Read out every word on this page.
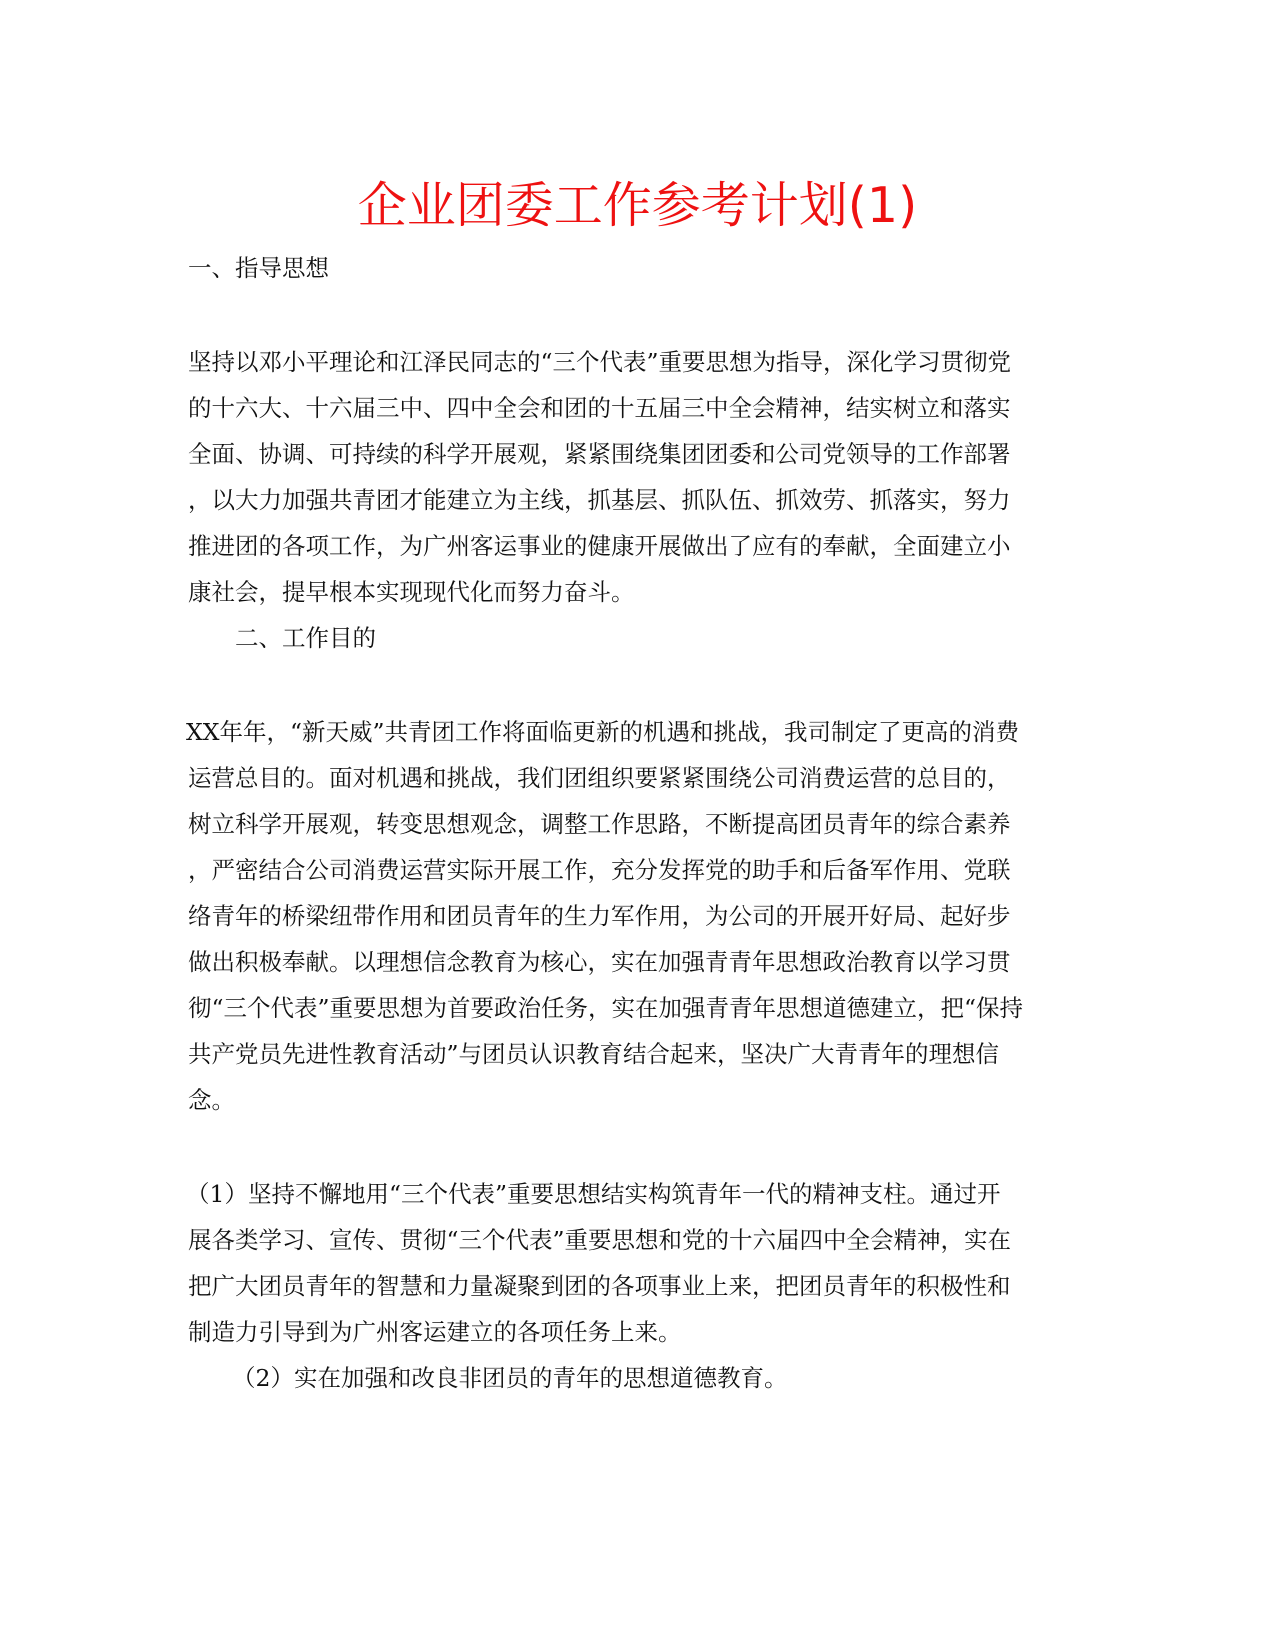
企业团委工作参考计划(1)
一、指导思想
坚持以邓小平理论和江泽民同志的“三个代表”重要思想为指导，深化学习贯彻党
的十六大、十六届三中、四中全会和团的十五届三中全会精神，结实树立和落实
全面、协调、可持续的科学开展观，紧紧围绕集团团委和公司党领导的工作部署
，以大力加强共青团才能建立为主线，抓基层、抓队伍、抓效劳、抓落实，努力
推进团的各项工作，为广州客运事业的健康开展做出了应有的奉献，全面建立小
康社会，提早根本实现现代化而努力奋斗。
二、工作目的
XX年年，“新天威”共青团工作将面临更新的机遇和挑战，我司制定了更高的消费
运营总目的。面对机遇和挑战，我们团组织要紧紧围绕公司消费运营的总目的，
树立科学开展观，转变思想观念，调整工作思路，不断提高团员青年的综合素养
，严密结合公司消费运营实际开展工作，充分发挥党的助手和后备军作用、党联
络青年的桥梁纽带作用和团员青年的生力军作用，为公司的开展开好局、起好步
做出积极奉献。以理想信念教育为核心，实在加强青青年思想政治教育以学习贯
彻“三个代表”重要思想为首要政治任务，实在加强青青年思想道德建立，把“保持
共产党员先进性教育活动”与团员认识教育结合起来，坚决广大青青年的理想信
念。
（1）坚持不懈地用“三个代表”重要思想结实构筑青年一代的精神支柱。通过开
展各类学习、宣传、贯彻“三个代表”重要思想和党的十六届四中全会精神，实在
把广大团员青年的智慧和力量凝聚到团的各项事业上来，把团员青年的积极性和
制造力引导到为广州客运建立的各项任务上来。
（2）实在加强和改良非团员的青年的思想道德教育。
